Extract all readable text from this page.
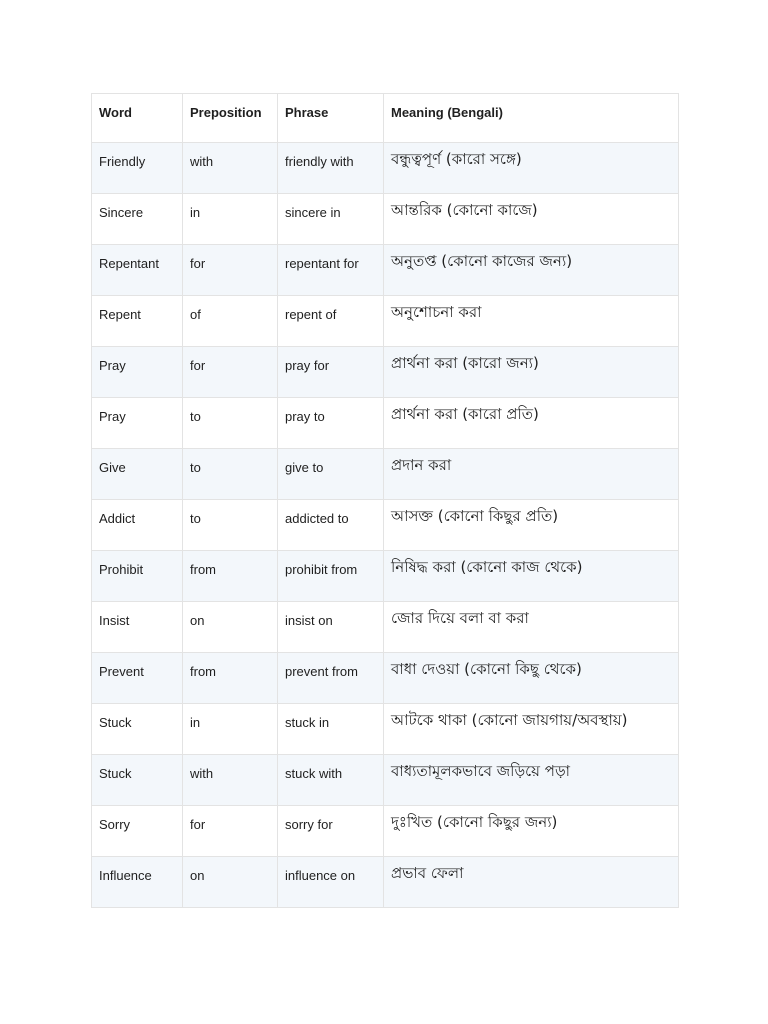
Word	Preposition	Phrase	Meaning (Bengali)
Friendly	with	friendly with	বন্ধুত্বপূর্ণ (কারো সঙ্গে)
Sincere	in	sincere in	আন্তরিক (কোনো কাজে)
Repentant	for	repentant for	অনুতপ্ত (কোনো কাজের জন্য)
Repent	of	repent of	অনুশোচনা করা
Pray	for	pray for	প্রার্থনা করা (কারো জন্য)
Pray	to	pray to	প্রার্থনা করা (কারো প্রতি)
Give	to	give to	প্রদান করা
Addict	to	addicted to	আসক্ত (কোনো কিছুর প্রতি)
Prohibit	from	prohibit from	নিষিদ্ধ করা (কোনো কাজ থেকে)
Insist	on	insist on	জোর দিয়ে বলা বা করা
Prevent	from	prevent from	বাধা দেওয়া (কোনো কিছু থেকে)
Stuck	in	stuck in	আটকে থাকা (কোনো জায়গায়/অবস্থায়)
Stuck	with	stuck with	বাধ্যতামূলকভাবে জড়িয়ে পড়া
Sorry	for	sorry for	দুঃখিত (কোনো কিছুর জন্য)
Influence	on	influence on	প্রভাব ফেলা
